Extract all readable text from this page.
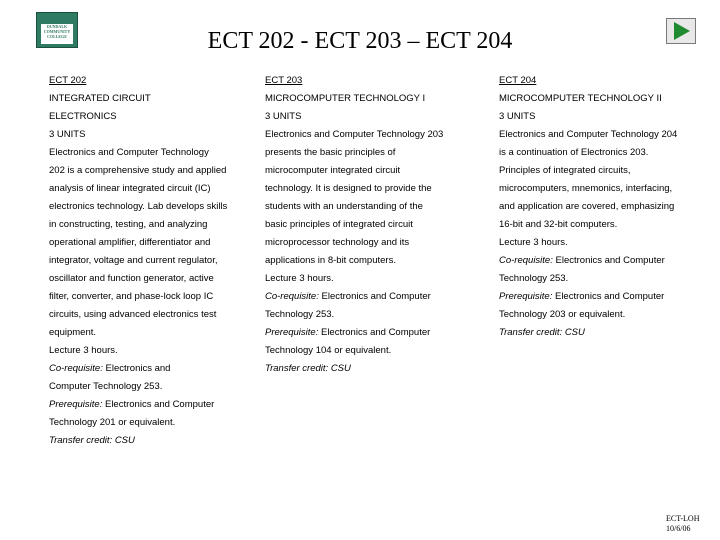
DUNDALK COMMUNITY COLLEGE	ECT 202 - ECT 203 – ECT 204
ECT 202
INTEGRATED CIRCUIT
ELECTRONICS
3 UNITS
Electronics and Computer Technology
202 is a comprehensive study and applied
analysis of linear integrated circuit (IC)
electronics technology. Lab develops skills
in constructing, testing, and analyzing
operational amplifier, differentiator and
integrator, voltage and current regulator,
oscillator and function generator, active
filter, converter, and phase-lock loop IC
circuits, using advanced electronics test
equipment.
Lecture 3 hours.
Co-requisite: Electronics and
Computer Technology 253.
Prerequisite: Electronics and Computer
Technology 201 or equivalent.
Transfer credit: CSU
ECT 203
MICROCOMPUTER TECHNOLOGY I
3 UNITS
Electronics and Computer Technology 203
presents the basic principles of
microcomputer integrated circuit
technology. It is designed to provide the
students with an understanding of the
basic principles of integrated circuit
microprocessor technology and its
applications in 8-bit computers.
Lecture 3 hours.
Co-requisite: Electronics and Computer
Technology 253.
Prerequisite: Electronics and Computer
Technology 104 or equivalent.
Transfer credit: CSU
ECT 204
MICROCOMPUTER TECHNOLOGY II
3 UNITS
Electronics and Computer Technology 204
is a continuation of Electronics 203.
Principles of integrated circuits,
microcomputers, mnemonics, interfacing,
and application are covered, emphasizing
16-bit and 32-bit computers.
Lecture 3 hours.
Co-requisite: Electronics and Computer
Technology 253.
Prerequisite: Electronics and Computer
Technology 203 or equivalent.
Transfer credit: CSU
ECT-LOH
10/6/06
